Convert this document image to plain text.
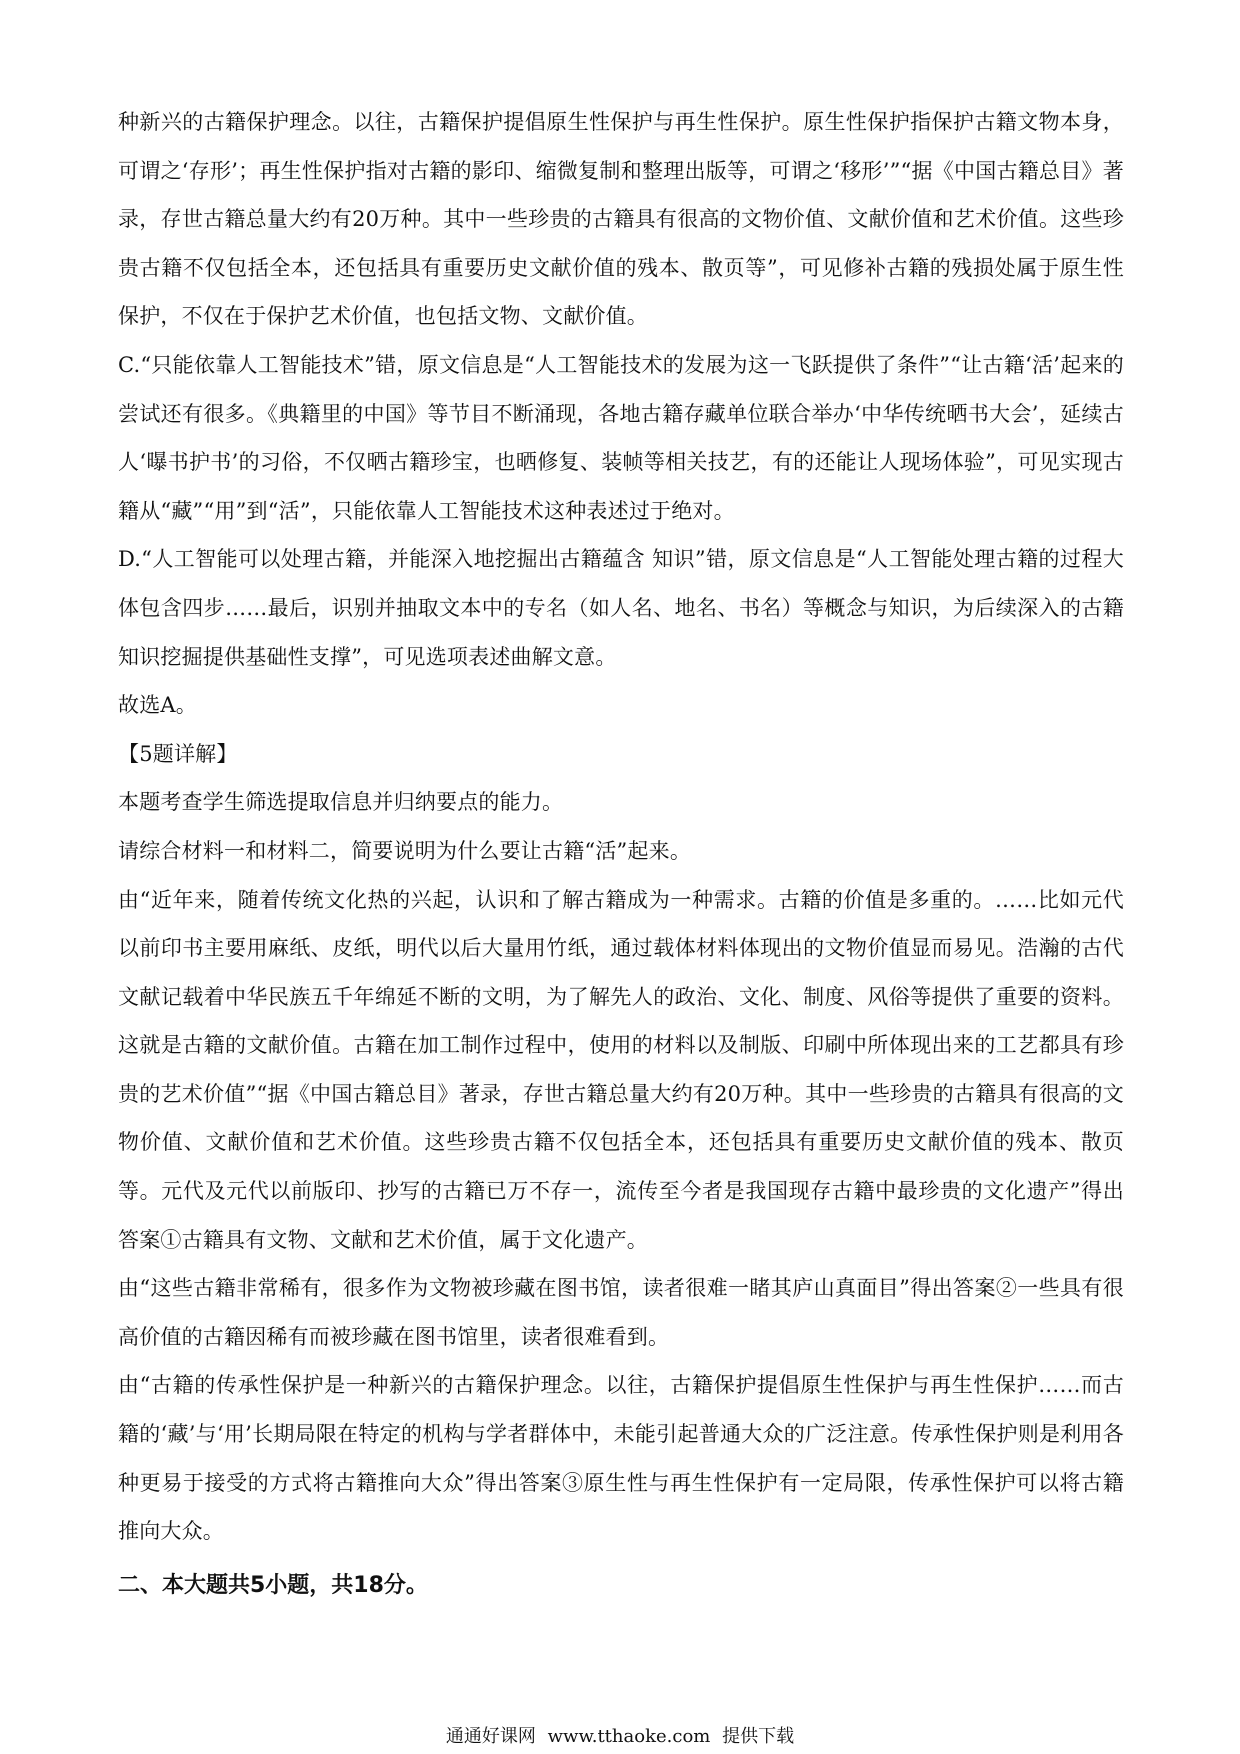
种新兴的古籍保护理念。以往，古籍保护提倡原生性保护与再生性保护。原生性保护指保护古籍文物本身，可谓之‘存形’；再生性保护指对古籍的影印、缩微复制和整理出版等，可谓之‘移形’”“据《中国古籍总目》著录，存世古籍总量大约有20万种。其中一些珍贵的古籍具有很高的文物价值、文献价值和艺术价值。这些珍贵古籍不仅包括全本，还包括具有重要历史文献价值的残本、散页等”，可见修补古籍的残损处属于原生性保护，不仅在于保护艺术价值，也包括文物、文献价值。

C.“只能依靠人工智能技术”错，原文信息是“人工智能技术的发展为这一飞跃提供了条件”“让古籍‘活’起来的尝试还有很多。《典籍里的中国》等节目不断涌现，各地古籍存藏单位联合举办‘中华传统晒书大会’，延续古人‘曝书护书’的习俗，不仅晒古籍珍宝，也晒修复、装帧等相关技艺，有的还能让人现场体验”，可见实现古籍从“藏”“用”到“活”，只能依靠人工智能技术这种表述过于绝对。

D.“人工智能可以处理古籍，并能深入地挖掘出古籍蕴含 知识”错，原文信息是“人工智能处理古籍的过程大体包含四步……最后，识别并抽取文本中的专名（如人名、地名、书名）等概念与知识，为后续深入的古籍知识挖掘提供基础性支撑”，可见选项表述曲解文意。

故选A。

【5题详解】

本题考查学生筛选提取信息并归纳要点的能力。

请综合材料一和材料二，简要说明为什么要让古籍“活”起来。

由“近年来，随着传统文化热的兴起，认识和了解古籍成为一种需求。古籍的价值是多重的。……比如元代以前印书主要用麻纸、皮纸，明代以后大量用竹纸，通过载体材料体现出的文物价值显而易见。浩瀚的古代文献记载着中华民族五千年绵延不断的文明，为了解先人的政治、文化、制度、风俗等提供了重要的资料。这就是古籍的文献价值。古籍在加工制作过程中，使用的材料以及制版、印刷中所体现出来的工艺都具有珍贵的艺术价值”“据《中国古籍总目》著录，存世古籍总量大约有20万种。其中一些珍贵的古籍具有很高的文物价值、文献价值和艺术价值。这些珍贵古籍不仅包括全本，还包括具有重要历史文献价值的残本、散页等。元代及元代以前版印、抄写的古籍已万不存一，流传至今者是我国现存古籍中最珍贵的文化遗产”得出答案①古籍具有文物、文献和艺术价值，属于文化遗产。

由“这些古籍非常稀有，很多作为文物被珍藏在图书馆，读者很难一睹其庐山真面目”得出答案②一些具有很高价值的古籍因稀有而被珍藏在图书馆里，读者很难看到。

由“古籍的传承性保护是一种新兴的古籍保护理念。以往，古籍保护提倡原生性保护与再生性保护……而古籍的‘藏’与‘用’长期局限在特定的机构与学者群体中，未能引起普通大众的广泛注意。传承性保护则是利用各种更易于接受的方式将古籍推向大众”得出答案③原生性与再生性保护有一定局限，传承性保护可以将古籍推向大众。

二、本大题共5小题，共18分。

通通好课网 www.tthaoke.com 提供下载
